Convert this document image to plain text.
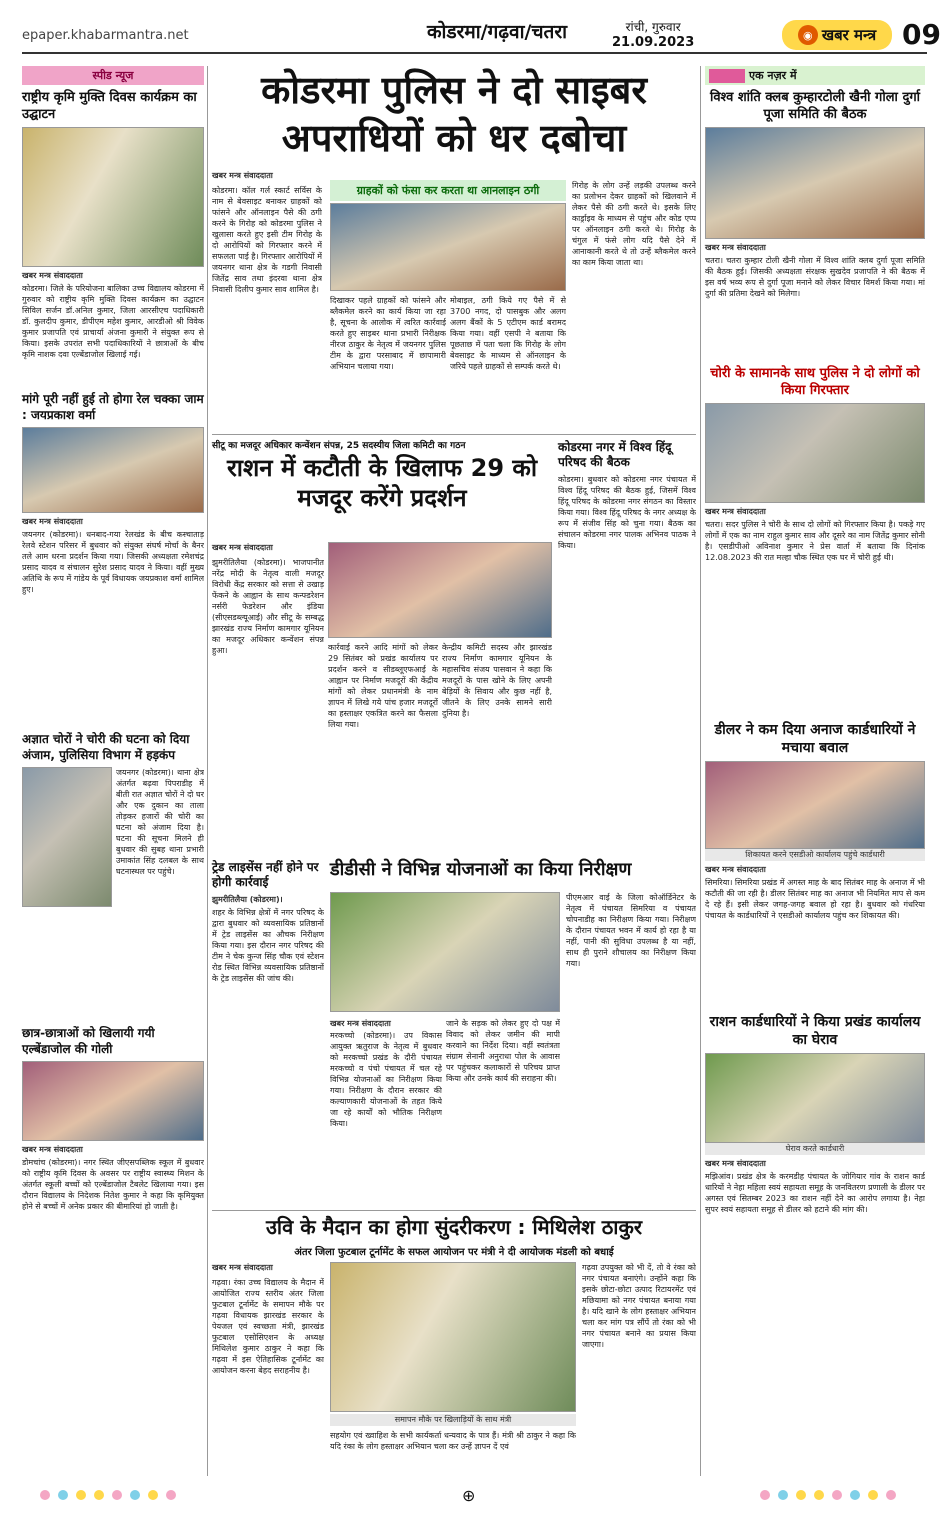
epaper.khabarmantra.net	कोडरमा/गढ़वा/चतरा	रांची, गुरुवार
21.09.2023	◉ खबर मन्त्र 09
स्पीड न्यूज
राष्ट्रीय कृमि मुक्ति दिवस कार्यक्रम का उद्घाटन
खबर मन्त्र संवाददाता
कोडरमा। जिले के परियोजना बालिका उच्च विद्यालय कोडरमा में गुरुवार को राष्ट्रीय कृमि मुक्ति दिवस कार्यक्रम का उद्घाटन सिविल सर्जन डॉ.अनिल कुमार, जिला आरसीएच पदाधिकारी डॉ. कुलदीप कुमार, डीपीएम महेश कुमार, आरडीओ श्री विवेक कुमार प्रजापति एवं प्राचार्या अंजना कुमारी ने संयुक्त रूप से किया। इसके उपरांत सभी पदाधिकारियों ने छात्राओं के बीच कृमि नाशक दवा एल्बेंडाजोल खिलाई गई।
मांगे पूरी नहीं हुई तो होगा रेल चक्का जाम : जयप्रकाश वर्मा
खबर मन्त्र संवाददाता
जयनगर (कोडरमा)। धनबाद-गया रेलखंड के बीच कस्चाताड़ रेलवे स्टेशन परिसर में बुधवार को संयुक्त संघर्ष मोर्चा के बैनर तले आम धरना प्रदर्शन किया गया। जिसकी अध्यक्षता रमेशचंद्र प्रसाद यादव व संचालन सुरेश प्रसाद यादव ने किया। वहीं मुख्य अतिथि के रूप में गांडेय के पूर्व विधायक जयप्रकाश वर्मा शामिल हुए।
अज्ञात चोरों ने चोरी की घटना को दिया अंजाम, पुलिसिया विभाग में हड़कंप
जयनगर (कोडरमा)। थाना क्षेत्र अंतर्गत बढ़वा पिपराडीह में बीती रात अज्ञात चोरों ने दो घर और एक दुकान का ताला तोड़कर हजारों की चोरी का घटना को अंजाम दिया है। घटना की सूचना मिलने ही बुधवार की सुबह थाना प्रभारी उमाकांत सिंह दलबल के साथ घटनास्थल पर पहुंचे।
छात्र-छात्राओं को खिलायी गयी एल्बेंडाजोल की गोली
खबर मन्त्र संवाददाता
डोमचांच (कोडरमा)। नगर स्थित जीएसपब्लिक स्कूल में बुधवार को राष्ट्रीय कृमि दिवस के अवसर पर राष्ट्रीय स्वास्थ्य मिशन के अंतर्गत स्कूली बच्चों को एल्बेंडाजोल टैबलेट खिलाया गया। इस दौरान विद्यालय के निदेशक नितेश कुमार ने कहा कि कृमियुक्त होने से बच्चों में अनेक प्रकार की बीमारियां हो जाती है।
कोडरमा पुलिस ने दो साइबर अपराधियों को धर दबोचा
खबर मन्त्र संवाददाता
कोडरमा। कॉल गर्ल स्कार्ट सर्विस के नाम से बेवसाइट बनाकर ग्राहकों को फांसने और ऑनलाइन पैसे की ठगी करने के गिरोह को कोडरमा पुलिस ने खुलासा करते हुए इसी टीम गिरोह के दो आरोपियों को गिरफ्तार करने में सफलता पाई है। गिरफ्तार आरोपियों में जयनगर थाना क्षेत्र के गडगी निवासी जितेंद्र साव तथा इंदरवा थाना क्षेत्र निवासी दिलीप कुमार साव शामिल है।
ग्राहकों को फंसा कर करता था आनलाइन ठगी
दिखाकर पहले ग्राहकों को फांसने और ब्लैकमेल करने का कार्य किया जा रहा है, सूचना के आलोक में त्वरित कार्रवाई करते हुए साइबर थाना प्रभारी निरीक्षक नीरज ठाकुर के नेतृत्व में जयनगर पुलिस टीम के द्वारा परसाबाद में छापामारी अभियान चलाया गया।
मोबाइल, ठगी किये गए पैसे में से 3700 नगद, दो पासबुक और अलग अलग बैंकों के 5 एटीएम कार्ड बरामद किया गया। वहीं एसपी ने बताया कि पूछताछ में पता चला कि गिरोह के लोग बेवसाइट के माध्यम से ऑनलाइन के जरिये पहले ग्राहकों से सम्पर्क करते थे।
गिरोह के लोग उन्हें लड़की उपलब्ध करने का प्रलोभन देकर ग्राहकों को खिलवाने में लेकर पैसे की ठगी करते थे। इसके लिए कार्ड्राइव के माध्यम से पहुंच और कोड एप्प पर ऑनलाइन ठगी करते थे। गिरोह के चंगुल में फंसे लोग यदि पैसे देने में आनाकानी करते थे तो उन्हें ब्लैकमेल करने का काम किया जाता था।
सीटू का मजदूर अधिकार कन्वेंशन संपन्न, 25 सदस्यीय जिला कमिटी का गठन
राशन में कटौती के खिलाफ 29 को मजदूर करेंगे प्रदर्शन
खबर मन्त्र संवाददाता
झुमरीतिलैया (कोडरमा)। भाजपानीत नरेंद्र मोदी के नेतृत्व वाली मजदूर विरोधी केंद्र सरकार को सत्ता से उखाड़ फेंकने के आह्वान के साथ कन्फ्डरेशन नर्सरी फेडरेशन और इंडिया (सीएसडब्ल्यूआई) और सीटू के सम्बद्ध झारखंड राज्य निर्माण कामगार यूनियन का मजदूर अधिकार कन्वेंशन संपन्न हुआ।	कार्रवाई करने आदि मांगों को लेकर 29 सितंबर को प्रखंड कार्यालय पर प्रदर्शन करने व सीडब्लूएफआई के आह्वान पर निर्माण मजदूरों की केंद्रीय मांगों को लेकर प्रधानमंत्री के नाम ज्ञापन में लिखे गये पांच हजार मजदूरों का हस्ताक्षर एकत्रित करने का फैसला लिया गया।
केन्द्रीय कमिटी सदस्य और झारखंड राज्य निर्माण कामगार यूनियन के महासचिव संजय पासवान ने कहा कि मजदूरों के पास खोने के लिए अपनी बेड़ियों के सिवाय और कुछ नहीं है, जीतने के लिए उनके सामने सारी दुनिया है।
कोडरमा नगर में विश्व हिंदू परिषद की बैठक
कोडरमा। बुधवार को कोडरमा नगर पंचायत में विश्व हिंदू परिषद की बैठक हुई, जिसमें विश्व हिंदू परिषद के कोडरमा नगर संगठन का विस्तार किया गया। विश्व हिंदू परिषद के नगर अध्यक्ष के रूप में संजीव सिंह को चुना गया। बैठक का संचालन कोडरमा नगर पालक अभिनव पाठक ने किया।
ट्रेड लाइसेंस नहीं होने पर होगी कार्रवाई
झुमरीतिलैया (कोडरमा)।
शहर के विभिन्न क्षेत्रों में नगर परिषद के द्वारा बुधवार को व्यवसायिक प्रतिष्ठानों में ट्रेड लाइसेंस का औचक निरीक्षण किया गया। इस दौरान नगर परिषद की टीम ने चेक कुन्ज सिंह चौक एवं स्टेशन रोड स्थित विभिन्न व्यवसायिक प्रतिष्ठानों के ट्रेड लाइसेंस की जांच की।
डीडीसी ने विभिन्न योजनाओं का किया निरीक्षण
खबर मन्त्र संवाददाता
मरकच्चो (कोडरमा)। उप विकास आयुक्त ऋतुराज के नेतृत्व में बुधवार को मरकच्चो प्रखंड के दौरी पंचायत मरकच्चो व पंचो पंचायत में चल रहे विभिन्न योजनाओं का निरीक्षण किया गया। निरीक्षण के दौरान सरकार की कल्याणकारी योजनाओं के तहत किये जा रहे कार्यों को भौतिक निरीक्षण किया।
जाने के सड़क को लेकर हुए दो पक्ष में विवाद को लेकर जमीन की मापी करवाने का निर्देश दिया। वहीं स्वतंत्रता संग्राम सेनानी अनुराधा पोल के आवास पर पहुंचकर कलाकारों से परिचय प्राप्त किया और उनके कार्य की सराहना की।
पीएमआर वाई के जिला कोऑर्डिनेटर के नेतृत्व में पंचायत सिमरिया व पंचायत चोपनाडीह का निरीक्षण किया गया। निरीक्षण के दौरान पंचायत भवन में कार्य हो रहा है या नहीं, पानी की सुविधा उपलब्ध है या नहीं, साथ ही पुराने शौचालय का निरीक्षण किया गया।
उवि के मैदान का होगा सुंदरीकरण : मिथिलेश ठाकुर
अंतर जिला फुटबाल टूर्नामेंट के सफल आयोजन पर मंत्री ने दी आयोजक मंडली को बधाई
खबर मन्त्र संवाददाता
गढ़वा। रंका उच्च विद्यालय के मैदान में आयोजित राज्य स्तरीय अंतर जिला फुटबाल टूर्नामेंट के समापन मौके पर गढ़वा विधायक झारखंड सरकार के पेयजल एवं स्वच्छता मंत्री, झारखंड फुटबाल एसोसिएशन के अध्यक्ष मिथिलेश कुमार ठाकुर ने कहा कि गढ़वा में इस ऐतिहासिक टूर्नामेंट का आयोजन करना बेहद सराहनीय है।
समापन मौके पर खिलाड़ियों के साथ मंत्री
सहयोग एवं ख्वाहिश के सभी कार्यकर्ता धन्यवाद के पात्र हैं। मंत्री श्री ठाकुर ने कहा कि यदि रंका के लोग हस्ताक्षर अभियान चला कर उन्हें ज्ञापन दें एवं
गढ़वा उपयुक्त को भी दें, तो वे रंका को नगर पंचायत बनाएंगे। उन्होंने कहा कि इसके छोटा-छोटा उत्पाद रिटायरमेंट एवं मछियामा को नगर पंचायत बनाया गया है। यदि खाने के लोग हस्ताक्षर अभियान चला कर मांग पत्र सौंपें तो रंका को भी नगर पंचायत बनाने का प्रयास किया जाएगा।
एक नज़र में
विश्व शांति क्लब कुम्हारटोली खैनी गोला दुर्गा पूजा समिति की बैठक
खबर मन्त्र संवाददाता
चतरा। चतरा कुम्हार टोली खैनी गोला में विश्व शांति क्लब दुर्गा पूजा समिति की बैठक हुई। जिसकी अध्यक्षता संरक्षक सुखदेव प्रजापति ने की बैठक में इस वर्ष भव्य रूप से दुर्गा पूजा मनाने को लेकर विचार विमर्श किया गया। मां दुर्गा की प्रतिमा देखने को मिलेगा।
चोरी के सामानके साथ पुलिस ने दो लोगों को किया गिरफ्तार
खबर मन्त्र संवाददाता
चतरा। सदर पुलिस ने चोरी के साथ दो लोगों को गिरफ्तार किया है। पकड़े गए लोगों में एक का नाम राहुल कुमार साव और दूसरे का नाम जितेंद्र कुमार सोनी है। एसडीपीओ अविनाश कुमार ने प्रेस वार्ता में बताया कि दिनांक 12.08.2023 की रात मल्हा चौक स्थित एक घर में चोरी हुई थी।
डीलर ने कम दिया अनाज कार्डधारियों ने मचाया बवाल
शिकायत करने एसडीओ कार्यालय पहुंचे कार्डधारी
खबर मन्त्र संवाददाता
सिमरिया। सिमरिया प्रखंड में अगस्त माह के बाद सितंबर माह के अनाज में भी कटौती की जा रही है। डीलर सितंबर माह का अनाज भी नियमित माप से कम दे रहे हैं। इसी लेकर जगह-जगह बवाल हो रहा है। बुधवार को गंधरिया पंचायत के कार्डधारियों ने एसडीओ कार्यालय पहुंच कर शिकायत की।
राशन कार्डधारियों ने किया प्रखंड कार्यालय का घेराव
घेराव करते कार्डधारी
खबर मन्त्र संवाददाता
मझिआंव। प्रखंड क्षेत्र के करमडीह पंचायत के जोगियार गांव के राशन कार्ड धारियों ने नेहा महिला स्वयं सहायता समूह के जनवितरण प्रणाली के डीलर पर अगस्त एवं सितम्बर 2023 का राशन नहीं देने का आरोप लगाया है। नेहा सुपर स्वयं सहायता समूह से डीलर को हटाने की मांग की।
⊕
